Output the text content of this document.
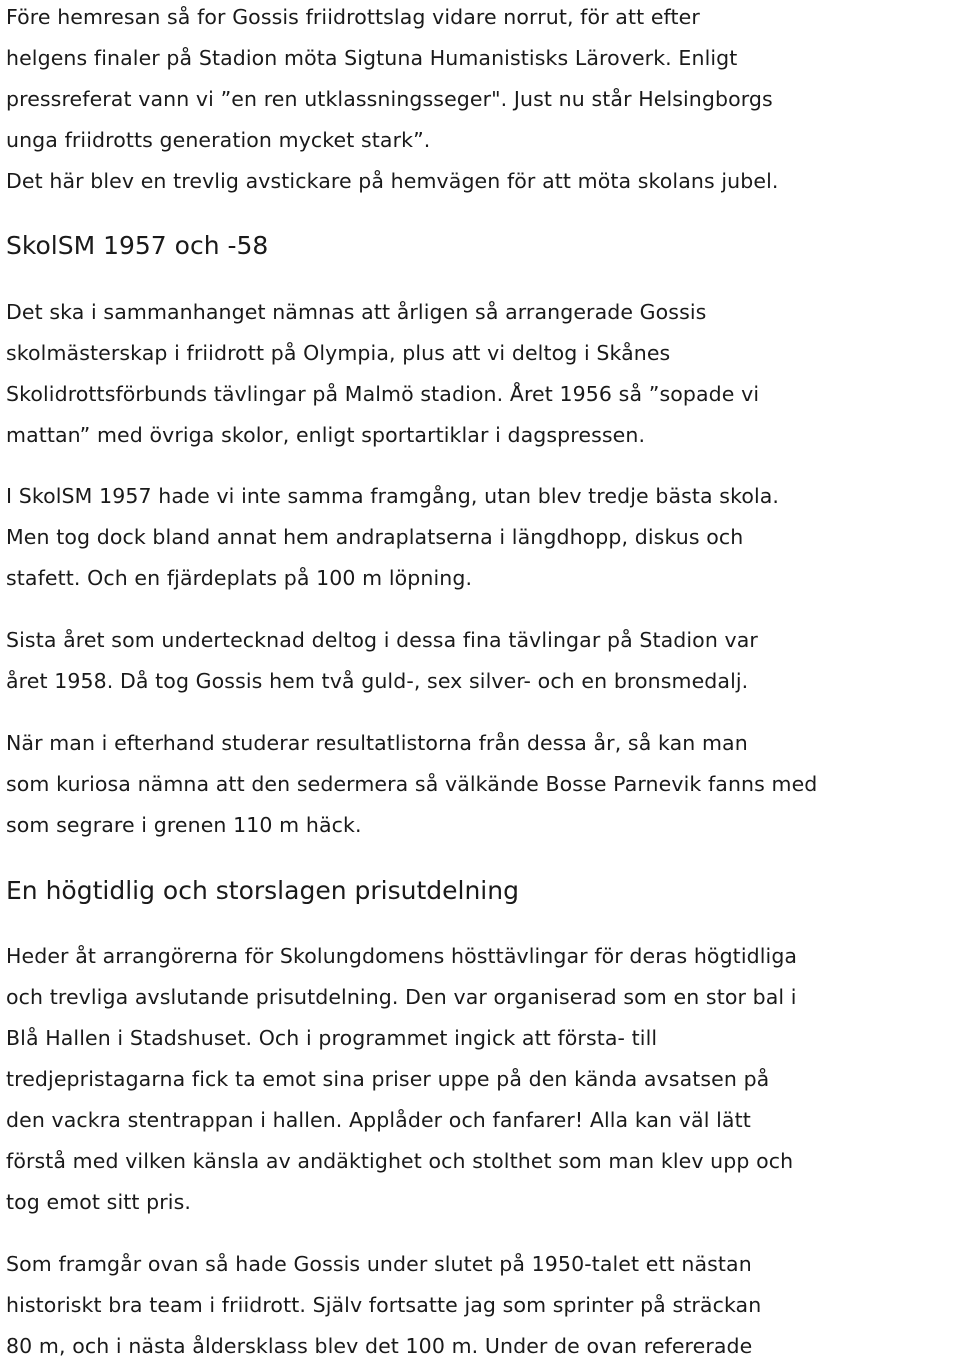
Före hemresan så for Gossis friidrottslag vidare norrut, för att efter
helgens finaler på Stadion möta Sigtuna Humanistisks Läroverk. Enligt
pressreferat vann vi ”en ren utklassningsseger". Just nu står Helsingborgs
unga friidrotts generation mycket stark”.
Det här blev en trevlig avstickare på hemvägen för att möta skolans jubel.
SkolSM 1957 och -58
Det ska i sammanhanget nämnas att årligen så arrangerade Gossis
skolmästerskap i friidrott på Olympia, plus att vi deltog i Skånes
Skolidrottsförbunds tävlingar på Malmö stadion. Året 1956 så ”sopade vi
mattan” med övriga skolor, enligt sportartiklar i dagspressen.
I SkolSM 1957 hade vi inte samma framgång, utan blev tredje bästa skola.
Men tog dock bland annat hem andraplatserna i längdhopp, diskus och
stafett. Och en fjärdeplats på 100 m löpning.
Sista året som undertecknad deltog i dessa fina tävlingar på Stadion var
året 1958. Då tog Gossis hem två guld-, sex silver- och en bronsmedalj.
När man i efterhand studerar resultatlistorna från dessa år, så kan man
som kuriosa nämna att den sedermera så välkände Bosse Parnevik fanns med
som segrare i grenen 110 m häck.
En högtidlig och storslagen prisutdelning
Heder åt arrangörerna för Skolungdomens hösttävlingar för deras högtidliga
och trevliga avslutande prisutdelning. Den var organiserad som en stor bal i
Blå Hallen i Stadshuset. Och i programmet ingick att första- till
tredjepristagarna fick ta emot sina priser uppe på den kända avsatsen på
den vackra stentrappan i hallen. Applåder och fanfarer! Alla kan väl lätt
förstå med vilken känsla av andäktighet och stolthet som man klev upp och
tog emot sitt pris.
Som framgår ovan så hade Gossis under slutet på 1950-talet ett nästan
historiskt bra team i friidrott. Själv fortsatte jag som sprinter på sträckan
80 m, och i nästa åldersklass blev det 100 m. Under de ovan refererade
